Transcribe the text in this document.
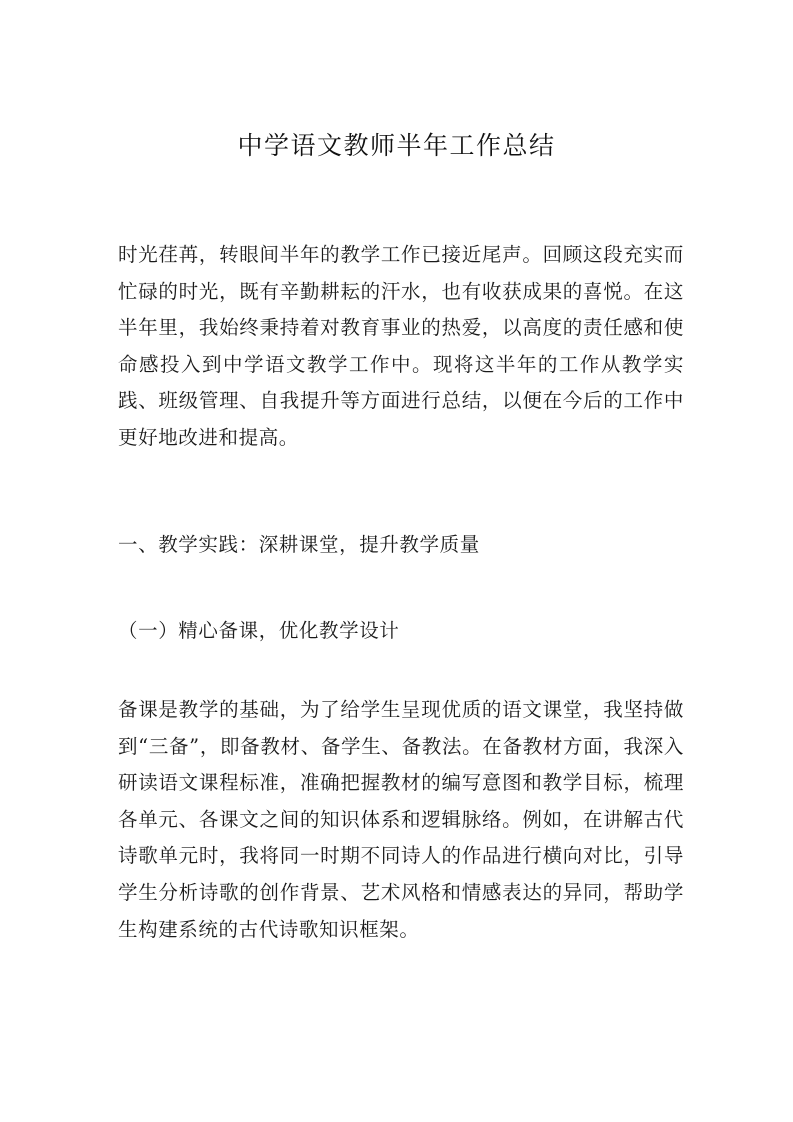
中学语文教师半年工作总结

时光荏苒，转眼间半年的教学工作已接近尾声。回顾这段充实而忙碌的时光，既有辛勤耕耘的汗水，也有收获成果的喜悦。在这半年里，我始终秉持着对教育事业的热爱，以高度的责任感和使命感投入到中学语文教学工作中。现将这半年的工作从教学实践、班级管理、自我提升等方面进行总结，以便在今后的工作中更好地改进和提高。

一、教学实践：深耕课堂，提升教学质量

（一）精心备课，优化教学设计

备课是教学的基础，为了给学生呈现优质的语文课堂，我坚持做到“三备”，即备教材、备学生、备教法。在备教材方面，我深入研读语文课程标准，准确把握教材的编写意图和教学目标，梳理各单元、各课文之间的知识体系和逻辑脉络。例如，在讲解古代诗歌单元时，我将同一时期不同诗人的作品进行横向对比，引导学生分析诗歌的创作背景、艺术风格和情感表达的异同，帮助学生构建系统的古代诗歌知识框架。
